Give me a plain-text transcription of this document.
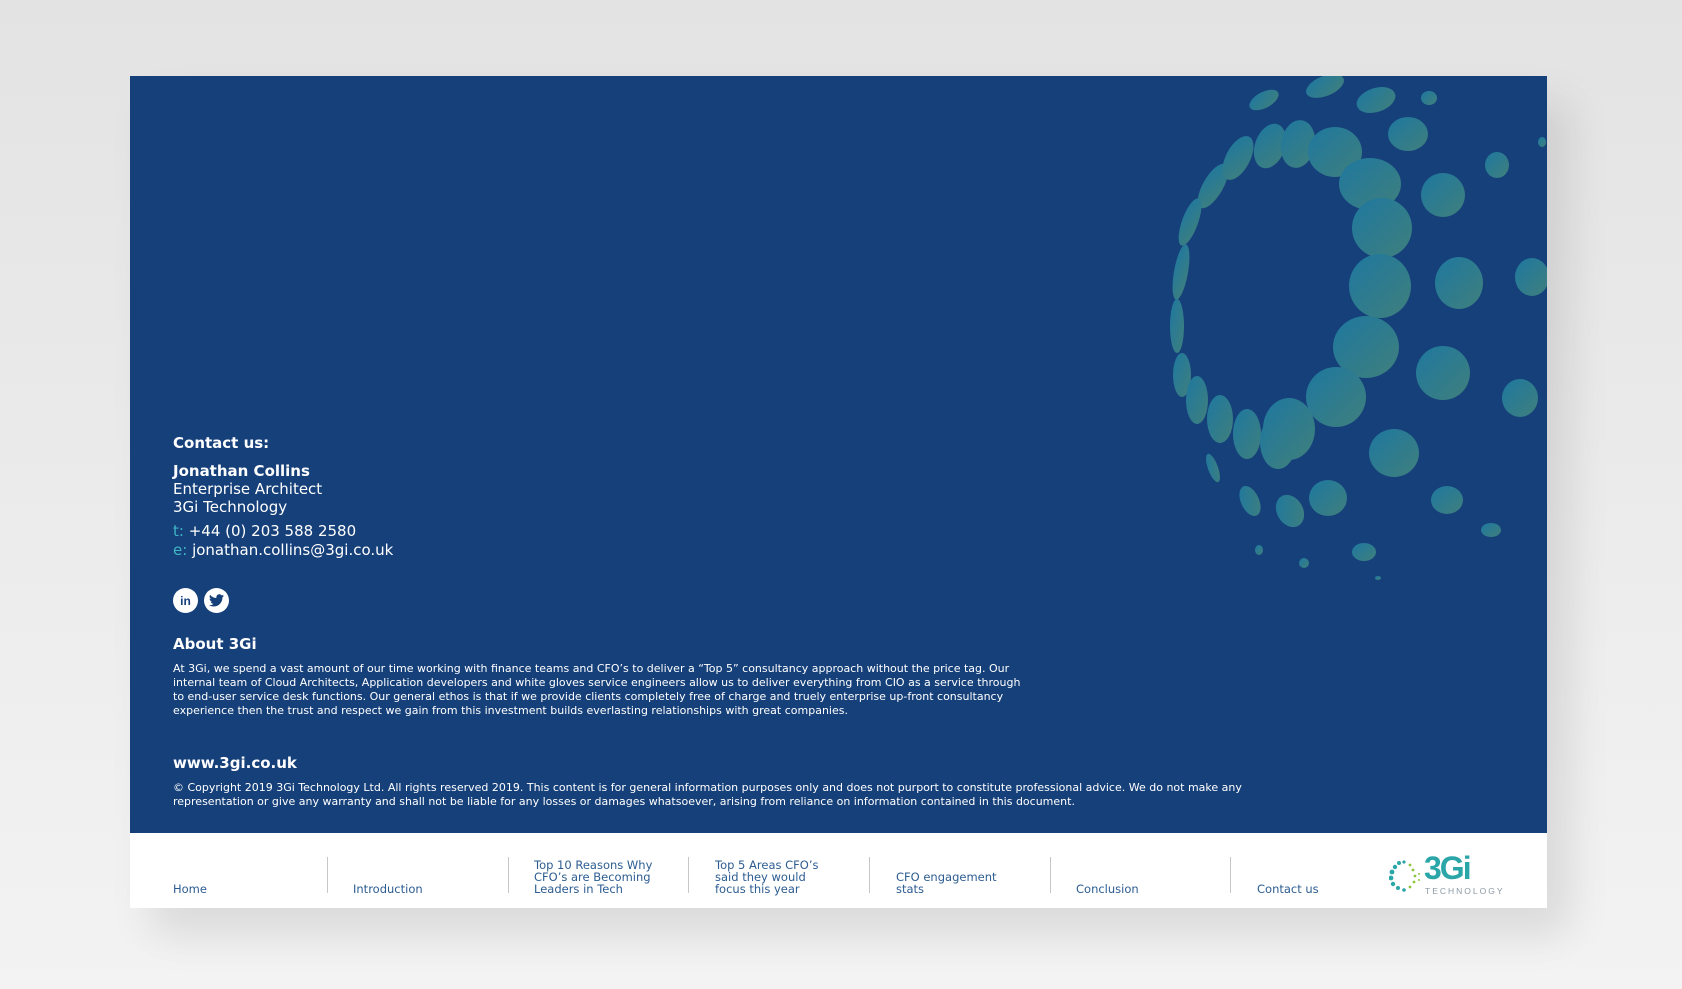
Contact us:
Jonathan Collins
Enterprise Architect
3Gi Technology
t: +44 (0) 203 588 2580
e: jonathan.collins@3gi.co.uk
in
About 3Gi
At 3Gi, we spend a vast amount of our time working with finance teams and CFO’s to deliver a “Top 5” consultancy approach without the price tag. Our internal team of Cloud Architects, Application developers and white gloves service engineers allow us to deliver everything from CIO as a service through to end-user service desk functions. Our general ethos is that if we provide clients completely free of charge and truely enterprise up-front consultancy experience then the trust and respect we gain from this investment builds everlasting relationships with great companies.
www.3gi.co.uk
© Copyright 2019 3Gi Technology Ltd. All rights reserved 2019. This content is for general information purposes only and does not purport to constitute professional advice. We do not make any representation or give any warranty and shall not be liable for any losses or damages whatsoever, arising from reliance on information contained in this document.
Home	Introduction
Top 10 Reasons Why CFO’s are Becoming Leaders in Tech
Top 5 Areas CFO’s said they would focus this year
CFO engagement stats	Conclusion	Contact us
3Gi
TECHNOLOGY
